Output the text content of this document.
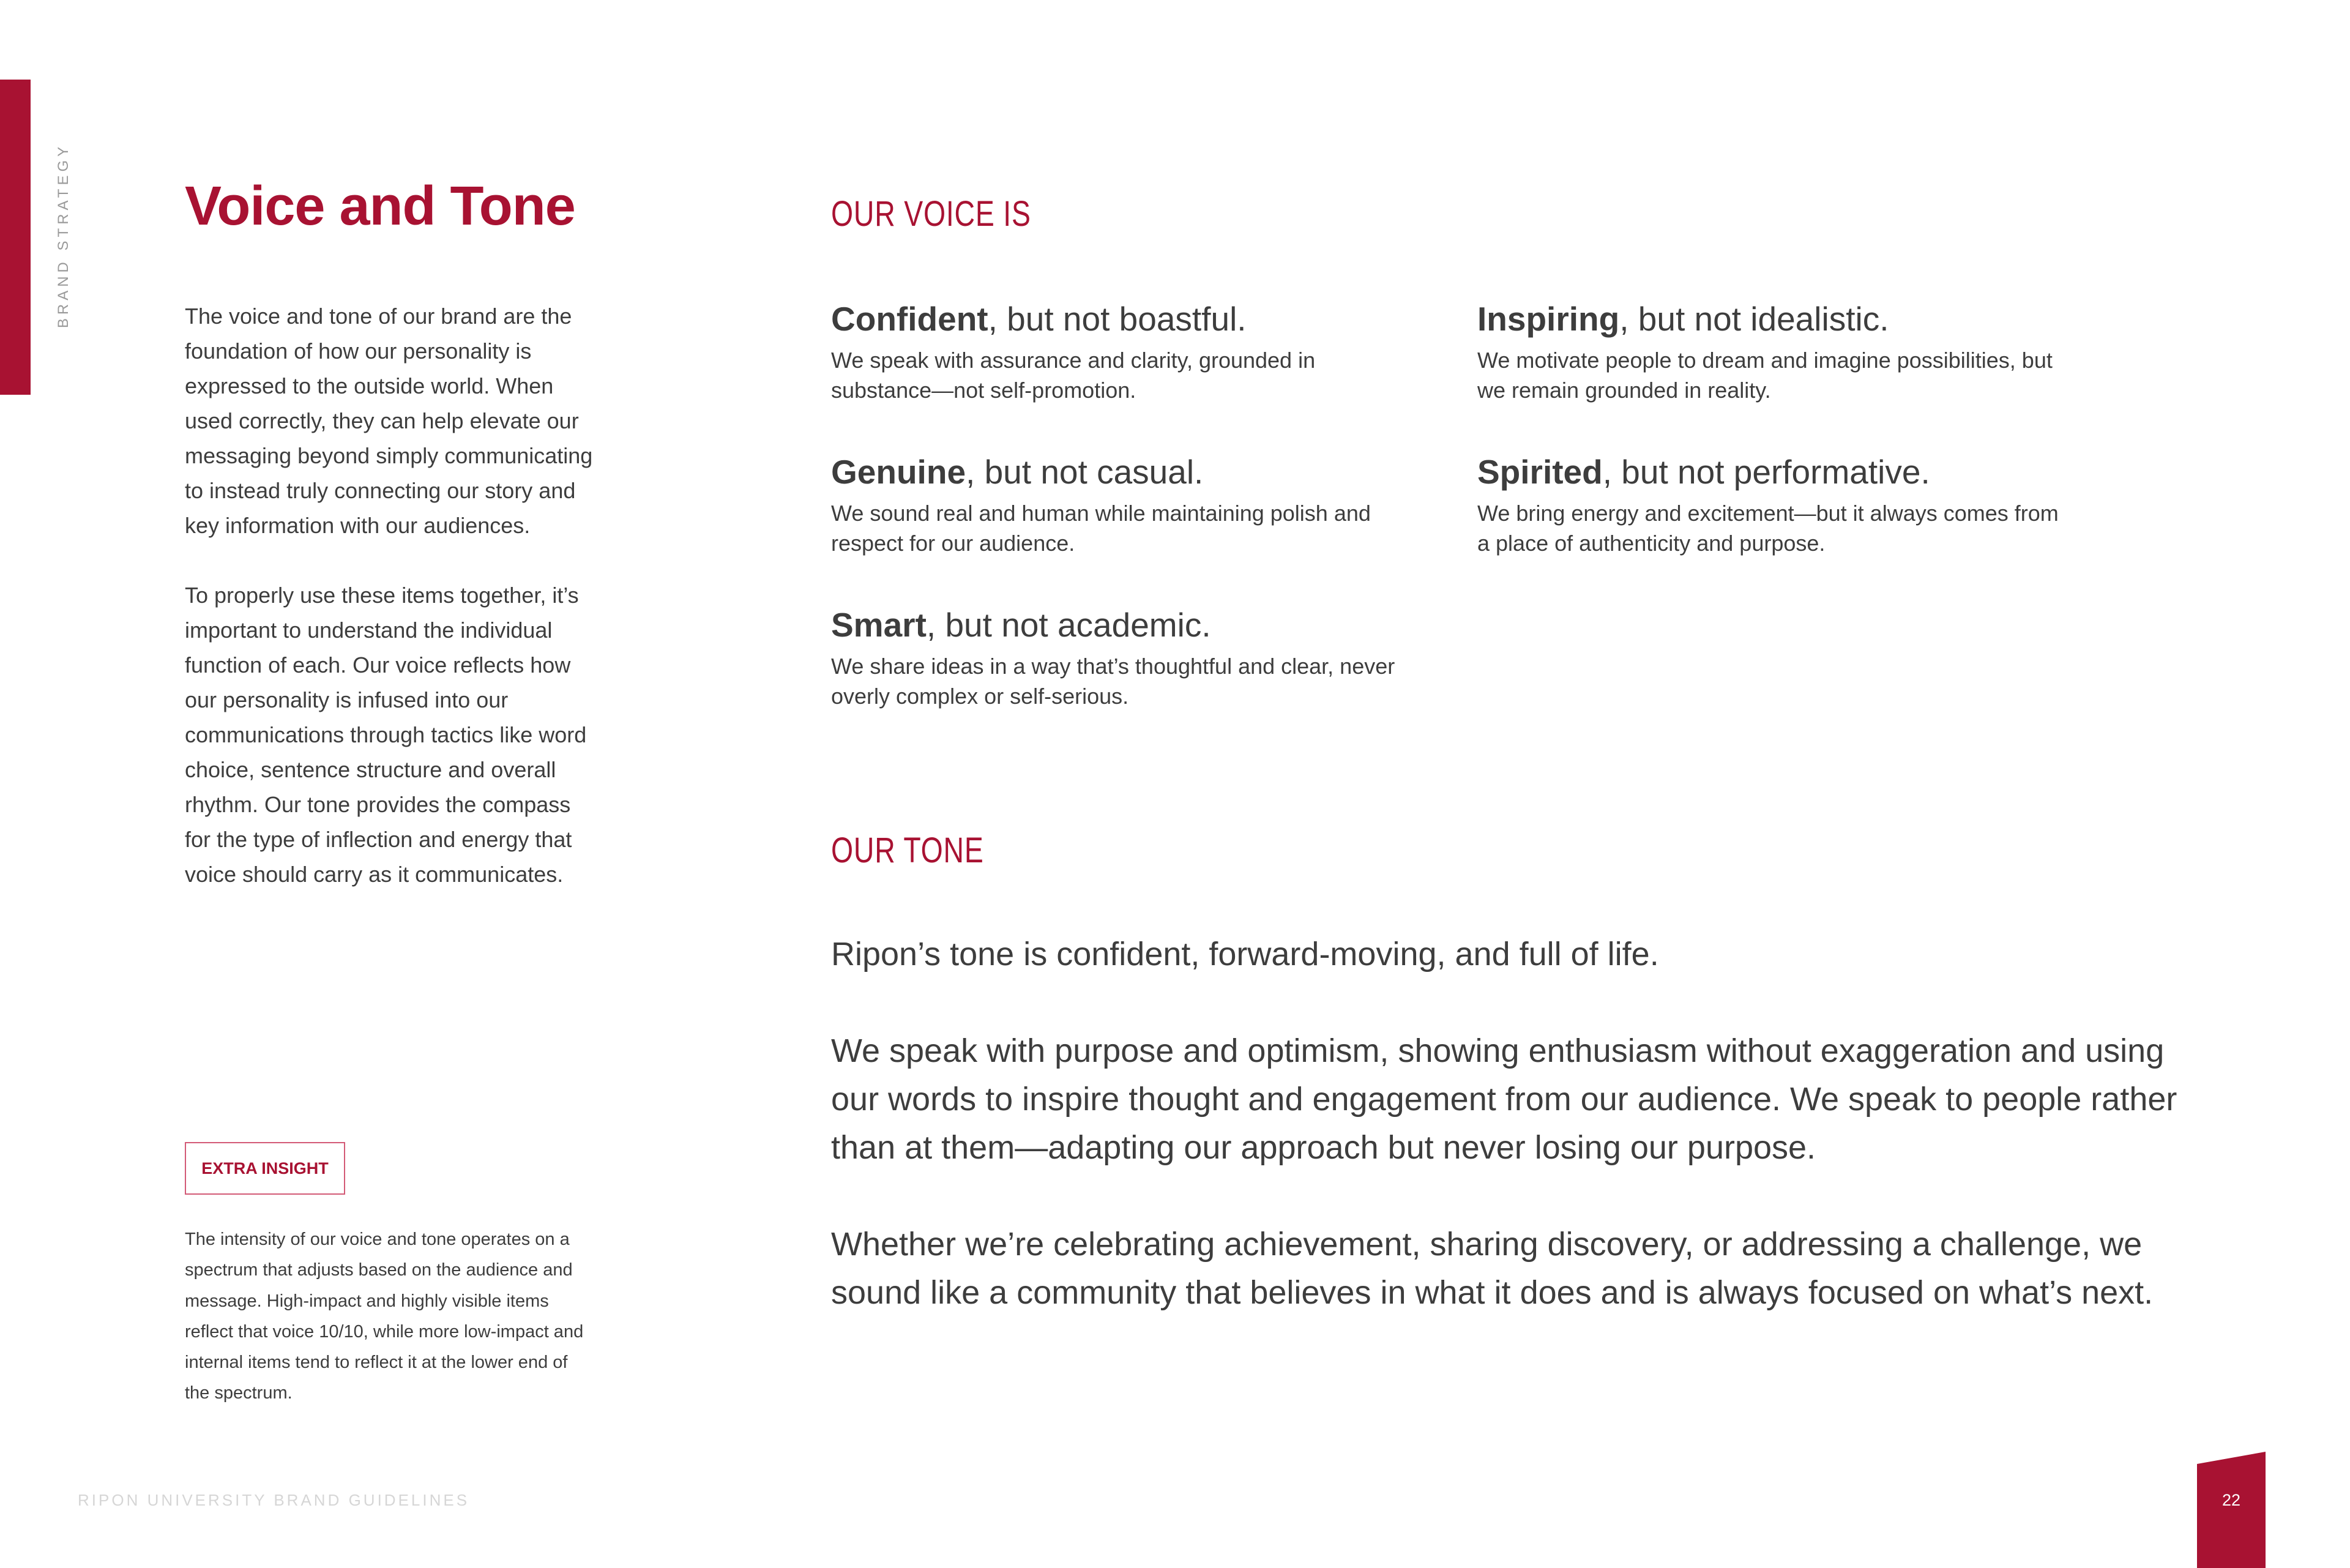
BRAND STRATEGY Voice and Tone

The voice and tone of our brand are the foundation of how our personality is expressed to the outside world. When used correctly, they can help elevate our messaging beyond simply communicating to instead truly connecting our story and key information with our audiences.

To properly use these items together, it’s important to understand the individual function of each. Our voice reflects how our personality is infused into our communications through tactics like word choice, sentence structure and overall rhythm. Our tone provides the compass for the type of inflection and energy that voice should carry as it communicates.

EXTRA INSIGHT
The intensity of our voice and tone operates on a spectrum that adjusts based on the audience and message. High-impact and highly visible items reflect that voice 10/10, while more low-impact and internal items tend to reflect it at the lower end of the spectrum.
OUR VOICE IS
Confident, but not boastful.
We speak with assurance and clarity, grounded in substance—not self-promotion.
Inspiring, but not idealistic.
We motivate people to dream and imagine possibilities, but we remain grounded in reality.
Genuine, but not casual.
We sound real and human while maintaining polish and respect for our audience.
Spirited, but not performative.
We bring energy and excitement—but it always comes from a place of authenticity and purpose.
Smart, but not academic.
We share ideas in a way that’s thoughtful and clear, never overly complex or self-serious.
OUR TONE

Ripon’s tone is confident, forward-moving, and full of life.

We speak with purpose and optimism, showing enthusiasm without exaggeration and using our words to inspire thought and engagement from our audience. We speak to people rather than at them—adapting our approach but never losing our purpose.

Whether we’re celebrating achievement, sharing discovery, or addressing a challenge, we sound like a community that believes in what it does and is always focused on what’s next.

RIPON UNIVERSITY BRAND GUIDELINES	22
